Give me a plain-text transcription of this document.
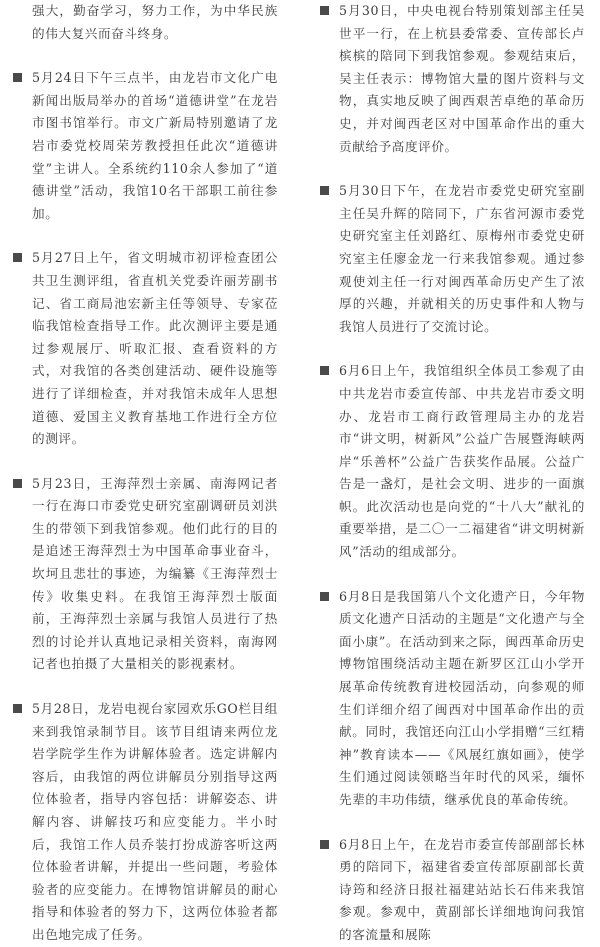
强大，勤奋学习，努力工作，为中华民族的伟大复兴而奋斗终身。
5月24日下午三点半，由龙岩市文化广电新闻出版局举办的首场“道德讲堂”在龙岩市图书馆举行。市文广新局特别邀请了龙岩市委党校周荣芳教授担任此次“道德讲堂”主讲人。全系统约110余人参加了“道德讲堂”活动，我馆10名干部职工前往参加。
5月27日上午，省文明城市初评检查团公共卫生测评组，省直机关党委许丽芳副书记、省工商局池宏新主任等领导、专家莅临我馆检查指导工作。此次测评主要是通过参观展厅、听取汇报、查看资料的方式，对我馆的各类创建活动、硬件设施等进行了详细检查，并对我馆未成年人思想道德、爱国主义教育基地工作进行全方位的测评。
5月23日，王海萍烈士亲属、南海网记者一行在海口市委党史研究室副调研员刘洪生的带领下到我馆参观。他们此行的目的是追述王海萍烈士为中国革命事业奋斗，坎坷且悲壮的事迹，为编纂《王海萍烈士传》收集史料。在我馆王海萍烈士版面前，王海萍烈士亲属与我馆人员进行了热烈的讨论并认真地记录相关资料，南海网记者也拍摄了大量相关的影视素材。
5月28日，龙岩电视台家园欢乐GO栏目组来到我馆录制节目。该节目组请来两位龙岩学院学生作为讲解体验者。选定讲解内容后，由我馆的两位讲解员分别指导这两位体验者，指导内容包括：讲解姿态、讲解内容、讲解技巧和应变能力。半小时后，我馆工作人员乔装打扮成游客听这两位体验者讲解，并提出一些问题，考验体验者的应变能力。在博物馆讲解员的耐心指导和体验者的努力下，这两位体验者都出色地完成了任务。
5月30日，中央电视台特别策划部主任吴世平一行，在上杭县委常委、宣传部长卢槟槟的陪同下到我馆参观。参观结束后，吴主任表示：博物馆大量的图片资料与文物，真实地反映了闽西艰苦卓绝的革命历史，并对闽西老区对中国革命作出的重大贡献给予高度评价。
5月30日下午，在龙岩市委党史研究室副主任吴升辉的陪同下，广东省河源市委党史研究室主任刘路红、原梅州市委党史研究室主任廖金龙一行来我馆参观。通过参观使刘主任一行对闽西革命历史产生了浓厚的兴趣，并就相关的历史事件和人物与我馆人员进行了交流讨论。
6月6日上午，我馆组织全体员工参观了由中共龙岩市委宣传部、中共龙岩市委文明办、龙岩市工商行政管理局主办的龙岩市“讲文明，树新风”公益广告展暨海峡两岸“乐善杯”公益广告获奖作品展。公益广告是一盏灯，是社会文明、进步的一面旗帜。此次活动也是向党的“十八大”献礼的重要举措，是二〇一二福建省“讲文明树新风”活动的组成部分。
6月8日是我国第八个文化遗产日，今年物质文化遗产日活动的主题是“文化遗产与全面小康”。在活动到来之际，闽西革命历史博物馆围绕活动主题在新罗区江山小学开展革命传统教育进校园活动，向参观的师生们详细介绍了闽西对中国革命作出的贡献。同时，我馆还向江山小学捐赠“三红精神”教育读本——《风展红旗如画》，使学生们通过阅读领略当年时代的风采，缅怀先辈的丰功伟绩，继承优良的革命传统。
6月8日上午，在龙岩市委宣传部副部长林勇的陪同下，福建省委宣传部原副部长黄诗筠和经济日报社福建站站长石伟来我馆参观。参观中，黄副部长详细地询问我馆的客流量和展陈
